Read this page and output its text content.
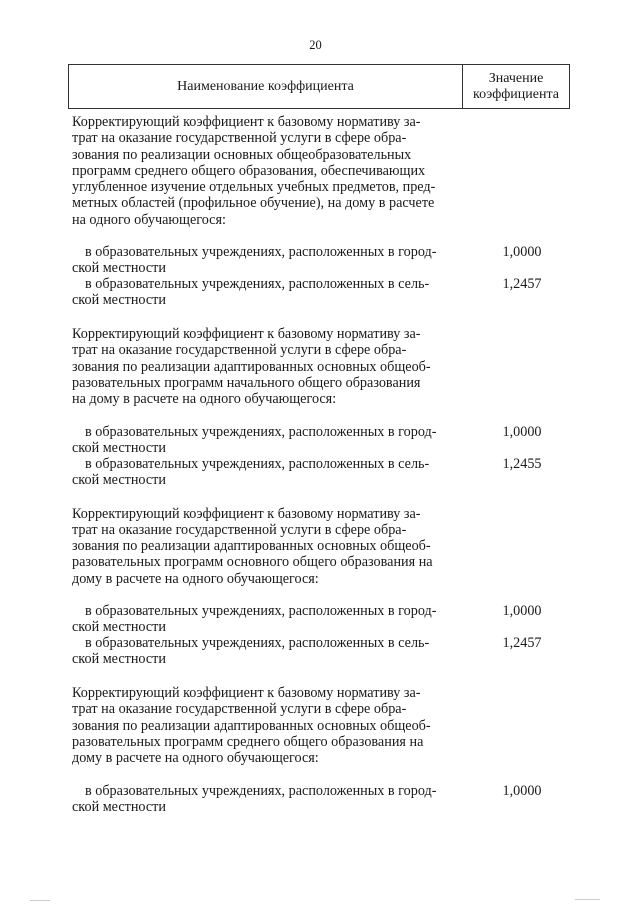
20
Наименование коэффициента
Значение
коэффициента
Корректирующий коэффициент к базовому нормативу за-
трат на оказание государственной услуги в сфере обра-
зования по реализации основных общеобразовательных
программ среднего общего образования, обеспечивающих
углубленное изучение отдельных учебных предметов, пред-
метных областей (профильное обучение), на дому в расчете
на одного обучающегося:
в образовательных учреждениях, расположенных в город-
ской местности
1,0000
в образовательных учреждениях, расположенных в сель-
ской местности
1,2457
Корректирующий коэффициент к базовому нормативу за-
трат на оказание государственной услуги в сфере обра-
зования по реализации адаптированных основных общеоб-
разовательных программ начального общего образования
на дому в расчете на одного обучающегося:
в образовательных учреждениях, расположенных в город-
ской местности
1,0000
в образовательных учреждениях, расположенных в сель-
ской местности
1,2455
Корректирующий коэффициент к базовому нормативу за-
трат на оказание государственной услуги в сфере обра-
зования по реализации адаптированных основных общеоб-
разовательных программ основного общего образования на
дому в расчете на одного обучающегося:
в образовательных учреждениях, расположенных в город-
ской местности
1,0000
в образовательных учреждениях, расположенных в сель-
ской местности
1,2457
Корректирующий коэффициент к базовому нормативу за-
трат на оказание государственной услуги в сфере обра-
зования по реализации адаптированных основных общеоб-
разовательных программ среднего общего образования на
дому в расчете на одного обучающегося:
в образовательных учреждениях, расположенных в город-
ской местности
1,0000
